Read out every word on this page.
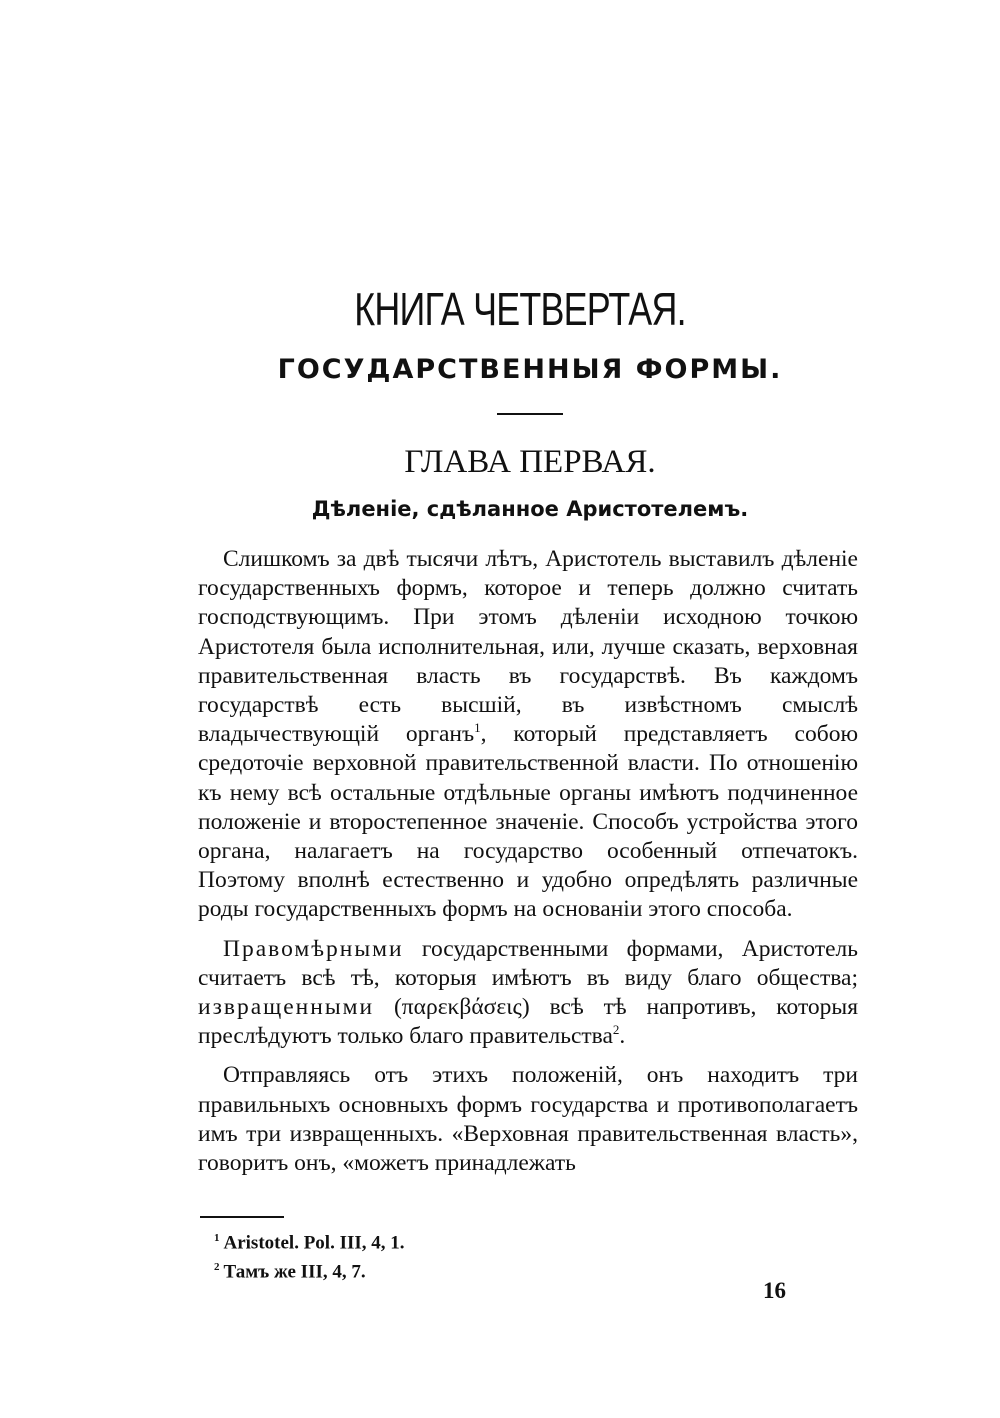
КНИГА ЧЕТВЕРТАЯ.
ГОСУДАРСТВЕННЫЯ ФОРМЫ.
ГЛАВА ПЕРВАЯ.
Дѣленіе, сдѣланное Аристотелемъ.

Слишкомъ за двѣ тысячи лѣтъ, Аристотель выставилъ дѣленіе государственныхъ формъ, которое и теперь должно считать господствующимъ. При этомъ дѣленіи исходною точкою Аристотеля была исполнительная, или, лучше сказать, верховная правительственная власть въ государствѣ. Въ каждомъ государствѣ есть высшій, въ извѣстномъ смыслѣ владычествующій органъ$^1$, который представляетъ собою средоточіе верховной правительственной власти. По отношенію къ нему всѣ остальные отдѣльные органы имѣютъ подчиненное положеніе и второстепенное значеніе. Способъ устройства этого органа, налагаетъ на государство особенный отпечатокъ. Поэтому вполнѣ естественно и удобно опредѣлять различные роды государственныхъ формъ на основаніи этого способа.

Правомѣрными государственными формами, Аристотель считаетъ всѣ тѣ, которыя имѣютъ въ виду благо общества; извращенными (παρεκβάσεις) всѣ тѣ напротивъ, которыя преслѣдуютъ только благо правительства$^2$.

Отправляясь отъ этихъ положеній, онъ находитъ три правильныхъ основныхъ формъ государства и противополагаетъ имъ три извращенныхъ. «Верховная правительственная власть», говоритъ онъ, «можетъ принадлежать

$^1$ Aristotel. Pol. III, 4, 1.
$^2$ Тамъ же III, 4, 7.
16
